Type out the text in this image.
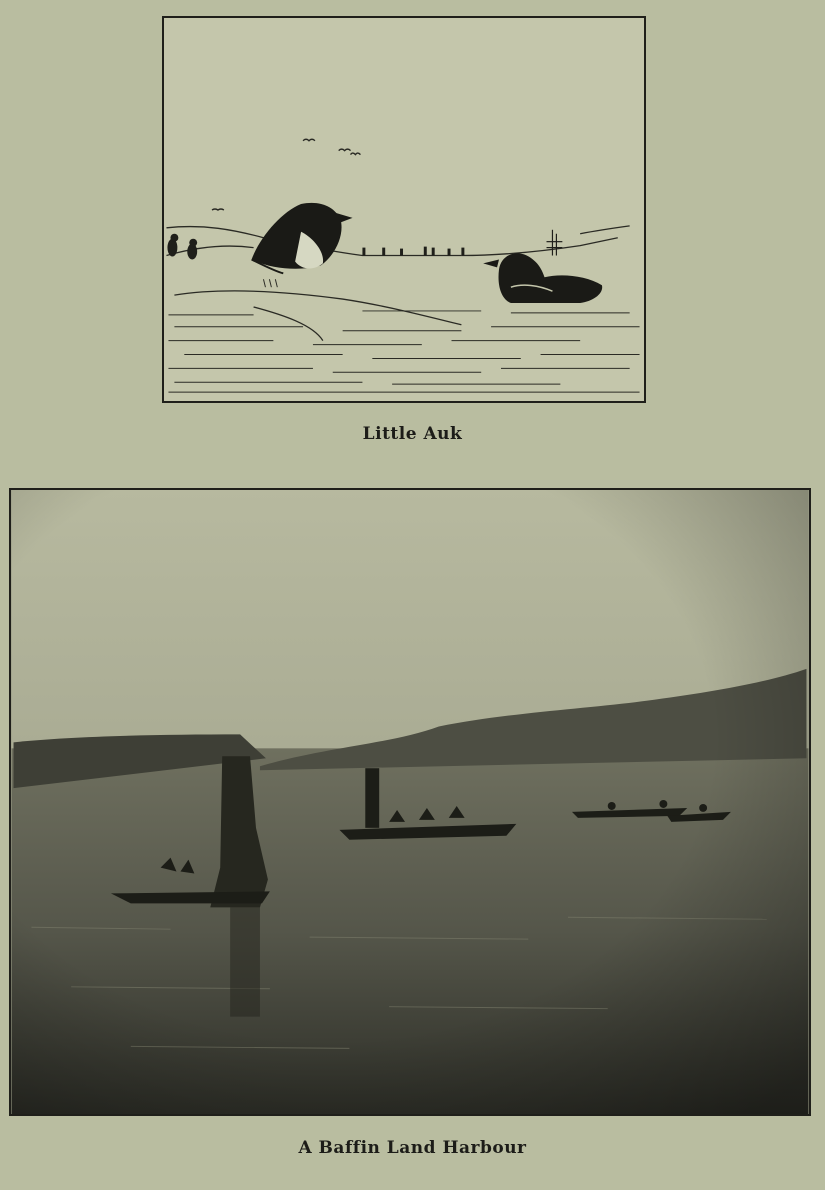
Little Auk
A Baffin Land Harbour
